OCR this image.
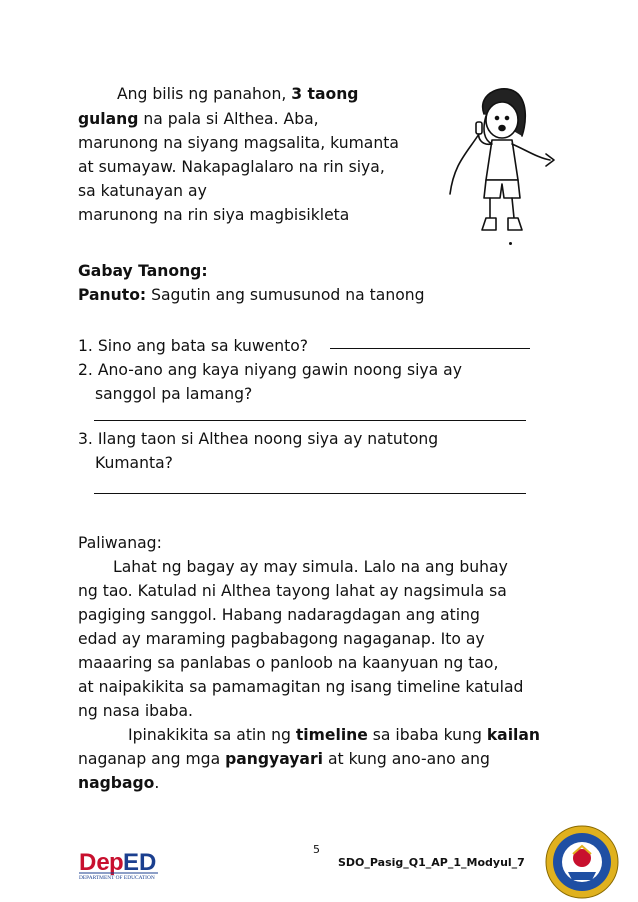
Ang bilis ng panahon, 3 taong
gulang na pala si Althea. Aba,
marunong na siyang magsalita, kumanta
at sumayaw. Nakapaglalaro na rin siya,
sa katunayan ay
marunong na rin siya magbisikleta
Gabay Tanong:
Panuto: Sagutin ang sumusunod na tanong
1. Sino ang bata sa kuwento?
2. Ano-ano ang kaya niyang gawin noong siya ay
sanggol pa lamang?
3. Ilang taon si Althea noong siya ay natutong
Kumanta?
Paliwanag:
Lahat ng bagay ay may simula. Lalo na ang buhay
ng tao. Katulad ni Althea tayong lahat ay nagsimula sa
pagiging sanggol. Habang nadaragdagan ang ating
edad ay maraming pagbabagong nagaganap. Ito ay
maaaring sa panlabas o panloob na kaanyuan ng tao,
at naipakikita sa pamamagitan ng isang timeline katulad
ng nasa ibaba.
Ipinakikita sa atin ng timeline sa ibaba kung kailan
naganap ang mga pangyayari at kung ano-ano ang
nagbago.
5
SDO_Pasig_Q1_AP_1_Modyul_7
De p ED
DEPARTMENT OF EDUCATION
